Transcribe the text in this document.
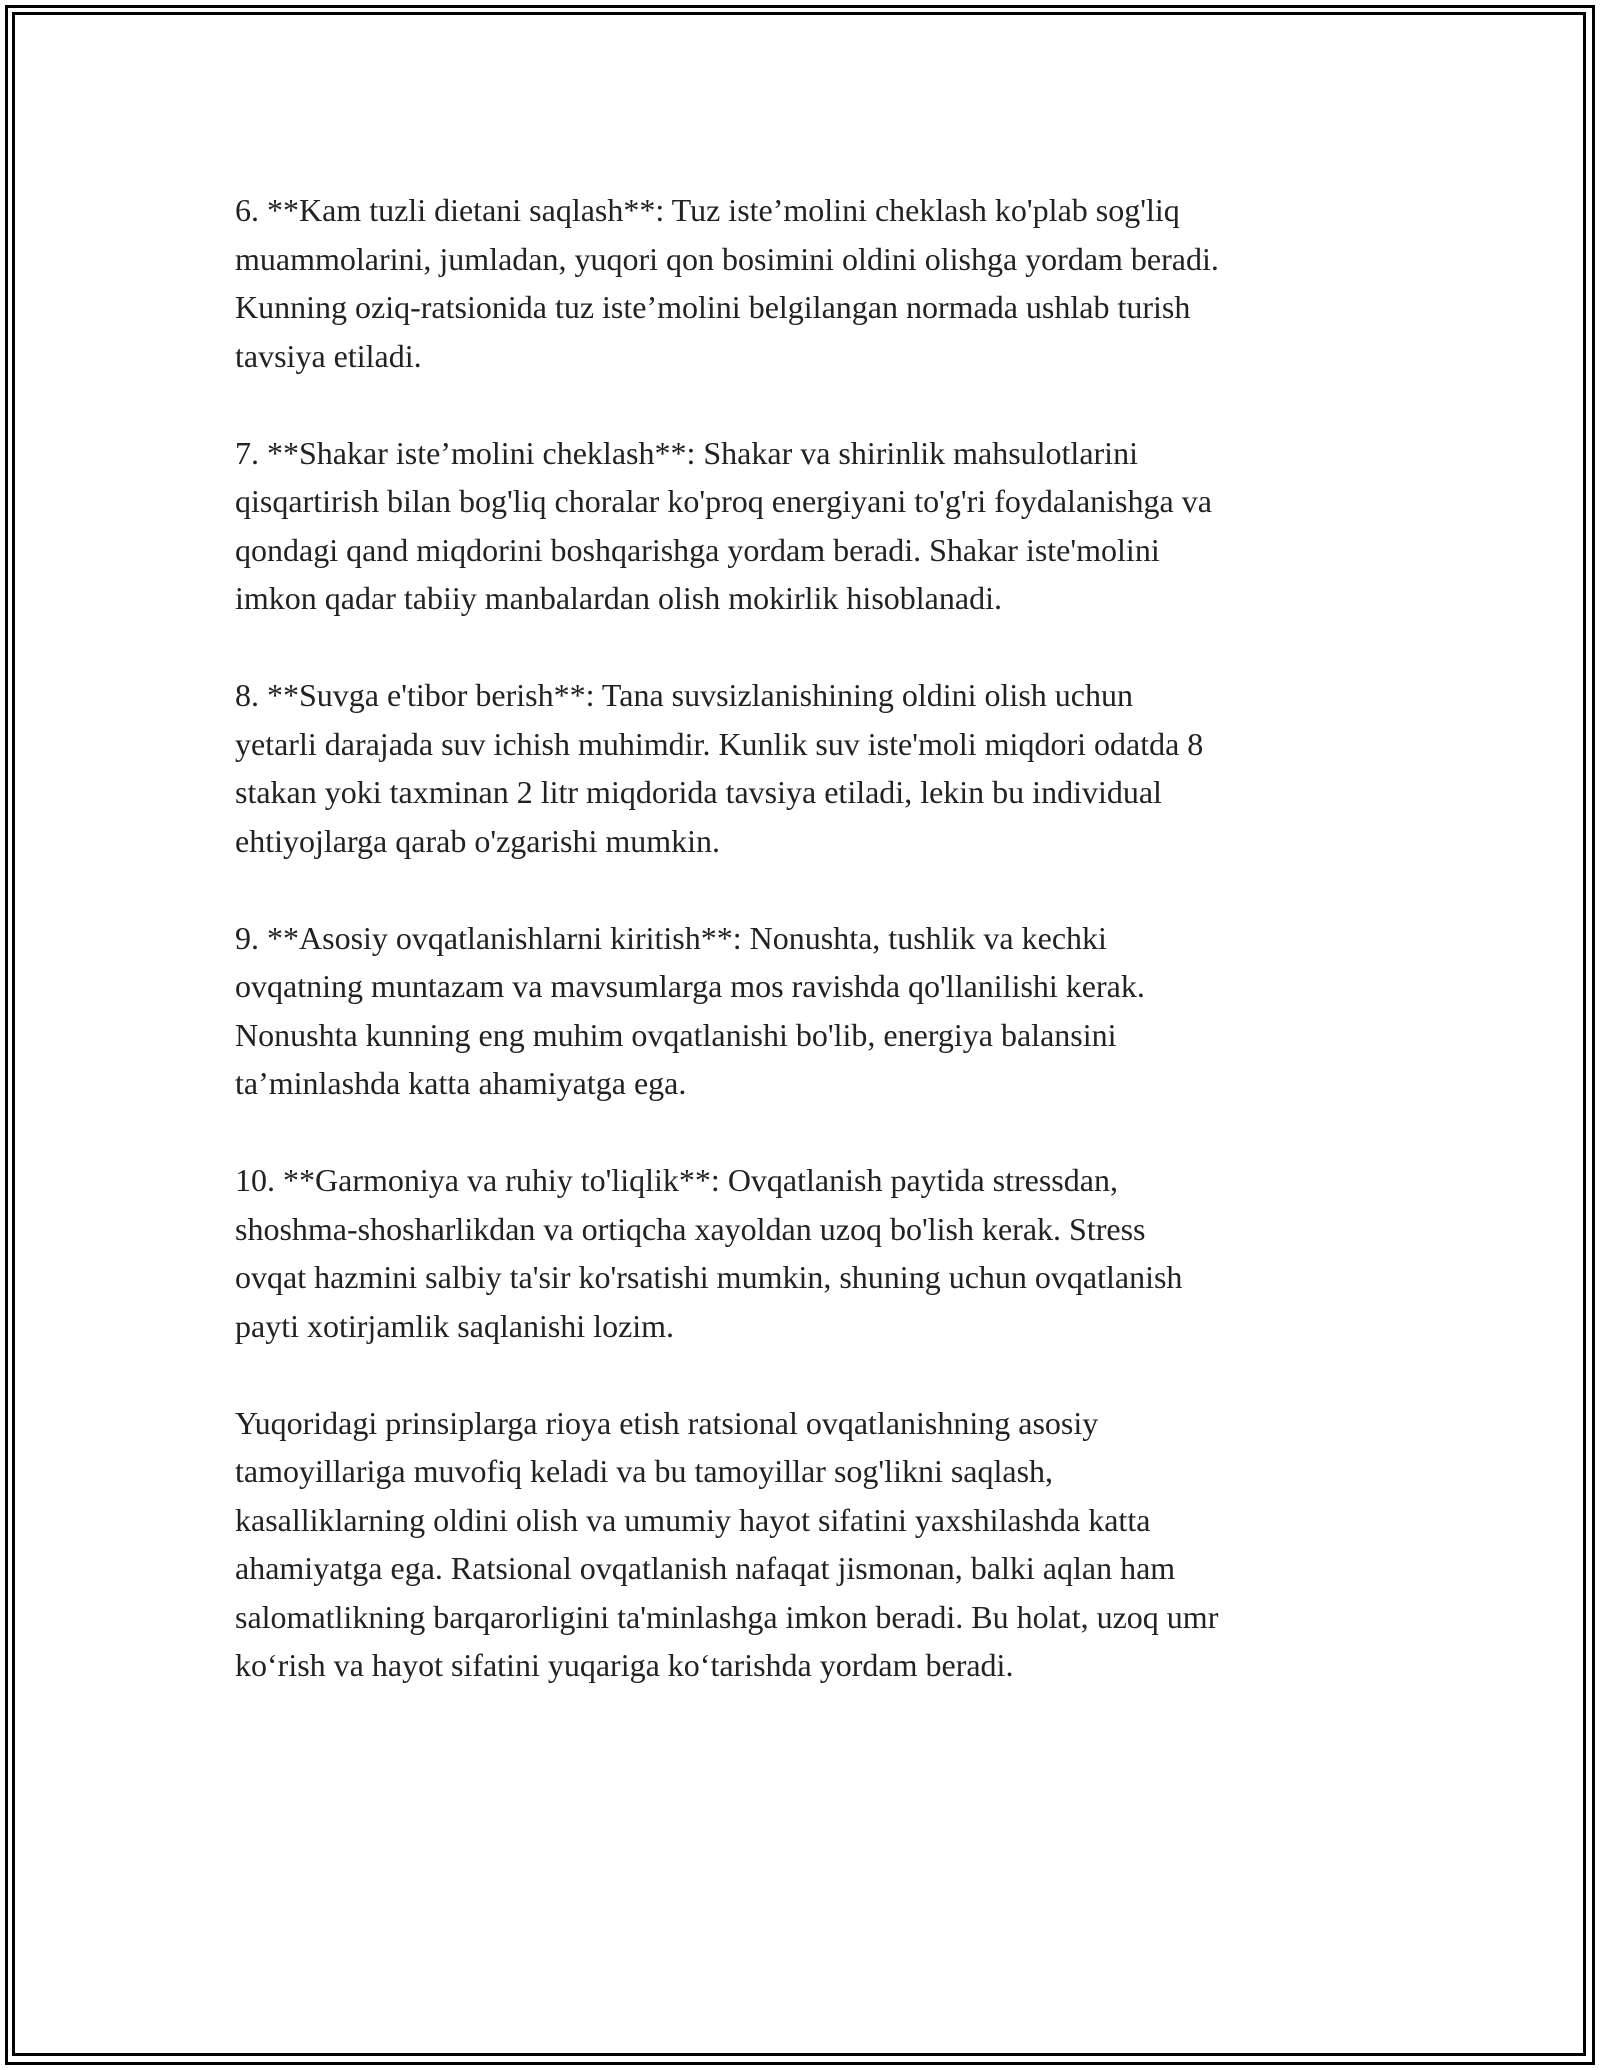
6. **Kam tuzli dietani saqlash**: Tuz iste’molini cheklash ko'plab sog'liq
muammolarini, jumladan, yuqori qon bosimini oldini olishga yordam beradi.
Kunning oziq-ratsionida tuz iste’molini belgilangan normada ushlab turish
tavsiya etiladi.

7. **Shakar iste’molini cheklash**: Shakar va shirinlik mahsulotlarini
qisqartirish bilan bog'liq choralar ko'proq energiyani to'g'ri foydalanishga va
qondagi qand miqdorini boshqarishga yordam beradi. Shakar iste'molini
imkon qadar tabiiy manbalardan olish mokirlik hisoblanadi.

8. **Suvga e'tibor berish**: Tana suvsizlanishining oldini olish uchun
yetarli darajada suv ichish muhimdir. Kunlik suv iste'moli miqdori odatda 8
stakan yoki taxminan 2 litr miqdorida tavsiya etiladi, lekin bu individual
ehtiyojlarga qarab o'zgarishi mumkin.

9. **Asosiy ovqatlanishlarni kiritish**: Nonushta, tushlik va kechki
ovqatning muntazam va mavsumlarga mos ravishda qo'llanilishi kerak.
Nonushta kunning eng muhim ovqatlanishi bo'lib, energiya balansini
ta’minlashda katta ahamiyatga ega.

10. **Garmoniya va ruhiy to'liqlik**: Ovqatlanish paytida stressdan,
shoshma-shosharlikdan va ortiqcha xayoldan uzoq bo'lish kerak. Stress
ovqat hazmini salbiy ta'sir ko'rsatishi mumkin, shuning uchun ovqatlanish
payti xotirjamlik saqlanishi lozim.

Yuqoridagi prinsiplarga rioya etish ratsional ovqatlanishning asosiy
tamoyillariga muvofiq keladi va bu tamoyillar sog'likni saqlash,
kasalliklarning oldini olish va umumiy hayot sifatini yaxshilashda katta
ahamiyatga ega. Ratsional ovqatlanish nafaqat jismonan, balki aqlan ham
salomatlikning barqarorligini ta'minlashga imkon beradi. Bu holat, uzoq umr
ko‘rish va hayot sifatini yuqariga ko‘tarishda yordam beradi.
